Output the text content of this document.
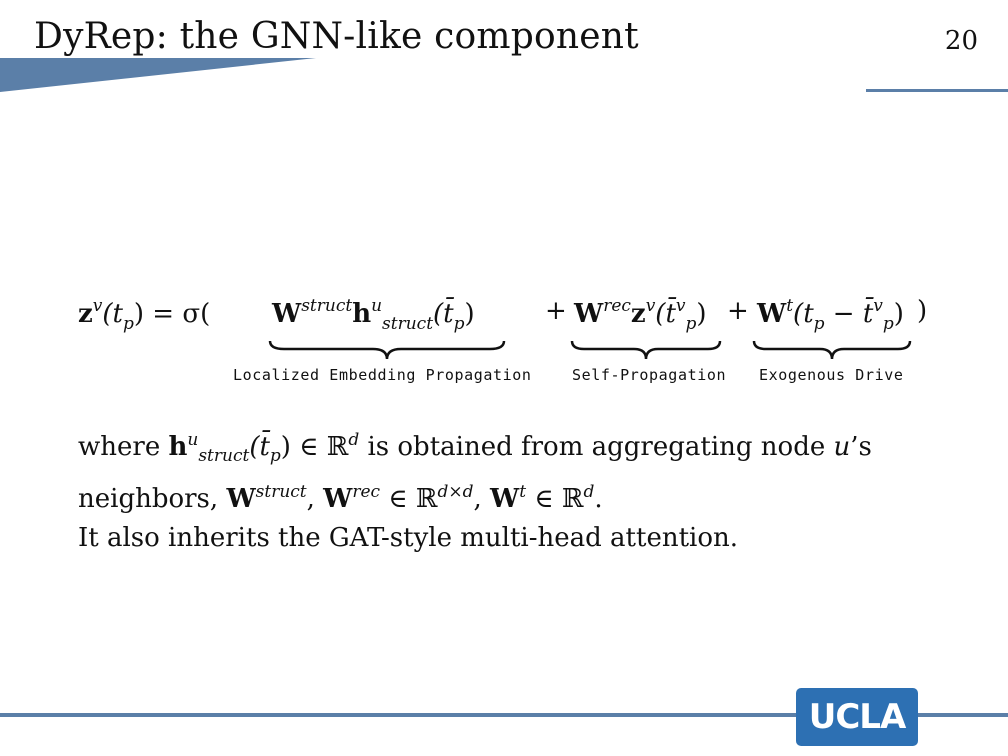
DyRep: the GNN-like component	20
$z^v(t_p) = \sigma$( $W^{struct}h^u_{struct}(t̄_p)$	+ $W^{rec}z^v(t̄^v_p) + W^t(t_p$ − t̄$^v_p$) )
Localized Embedding Propagation	Self-Propagation Exogenous Drive

where $h^u_{struct}(t̄_p)$ ∈ ℝ$^d$ is obtained from aggregating node u’s
neighbors, $W^{struct}$, $W^{rec}$ ∈ ℝ$^{d\times d}$, $W^t$ ∈ ℝ$^d$.

It also inherits the GAT-style multi-head attention.

UCLA
